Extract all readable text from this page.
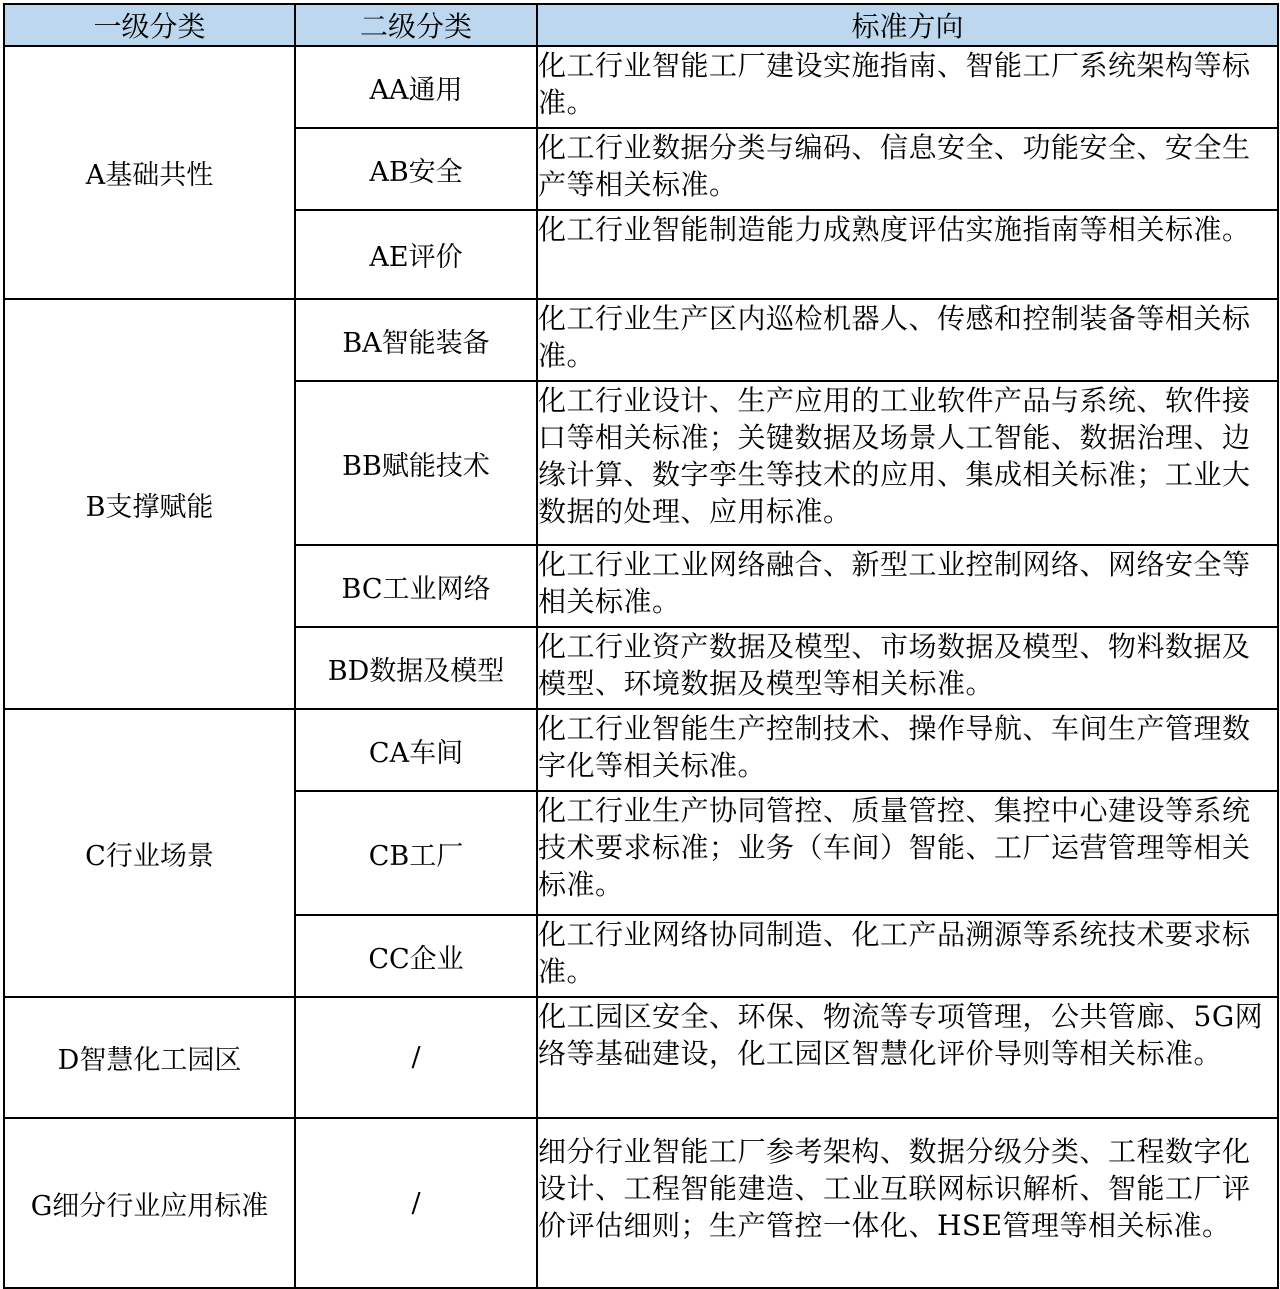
一级分类	二级分类	标准方向
A基础共性	AA通用	化工行业智能工厂建设实施指南、智能工厂系统架构等标准。
	AB安全	化工行业数据分类与编码、信息安全、功能安全、安全生产等相关标准。
	AE评价	化工行业智能制造能力成熟度评估实施指南等相关标准。
B支撑赋能	BA智能装备	化工行业生产区内巡检机器人、传感和控制装备等相关标准。
	BB赋能技术	化工行业设计、生产应用的工业软件产品与系统、软件接口等相关标准；关键数据及场景人工智能、数据治理、边缘计算、数字孪生等技术的应用、集成相关标准；工业大数据的处理、应用标准。
	BC工业网络	化工行业工业网络融合、新型工业控制网络、网络安全等相关标准。
	BD数据及模型	化工行业资产数据及模型、市场数据及模型、物料数据及模型、环境数据及模型等相关标准。
C行业场景	CA车间	化工行业智能生产控制技术、操作导航、车间生产管理数字化等相关标准。
	CB工厂	化工行业生产协同管控、质量管控、集控中心建设等系统技术要求标准；业务（车间）智能、工厂运营管理等相关标准。
	CC企业	化工行业网络协同制造、化工产品溯源等系统技术要求标准。
D智慧化工园区	/	化工园区安全、环保、物流等专项管理，公共管廊、5G网络等基础建设，化工园区智慧化评价导则等相关标准。
G细分行业应用标准	/	细分行业智能工厂参考架构、数据分级分类、工程数字化设计、工程智能建造、工业互联网标识解析、智能工厂评价评估细则；生产管控一体化、HSE管理等相关标准。
